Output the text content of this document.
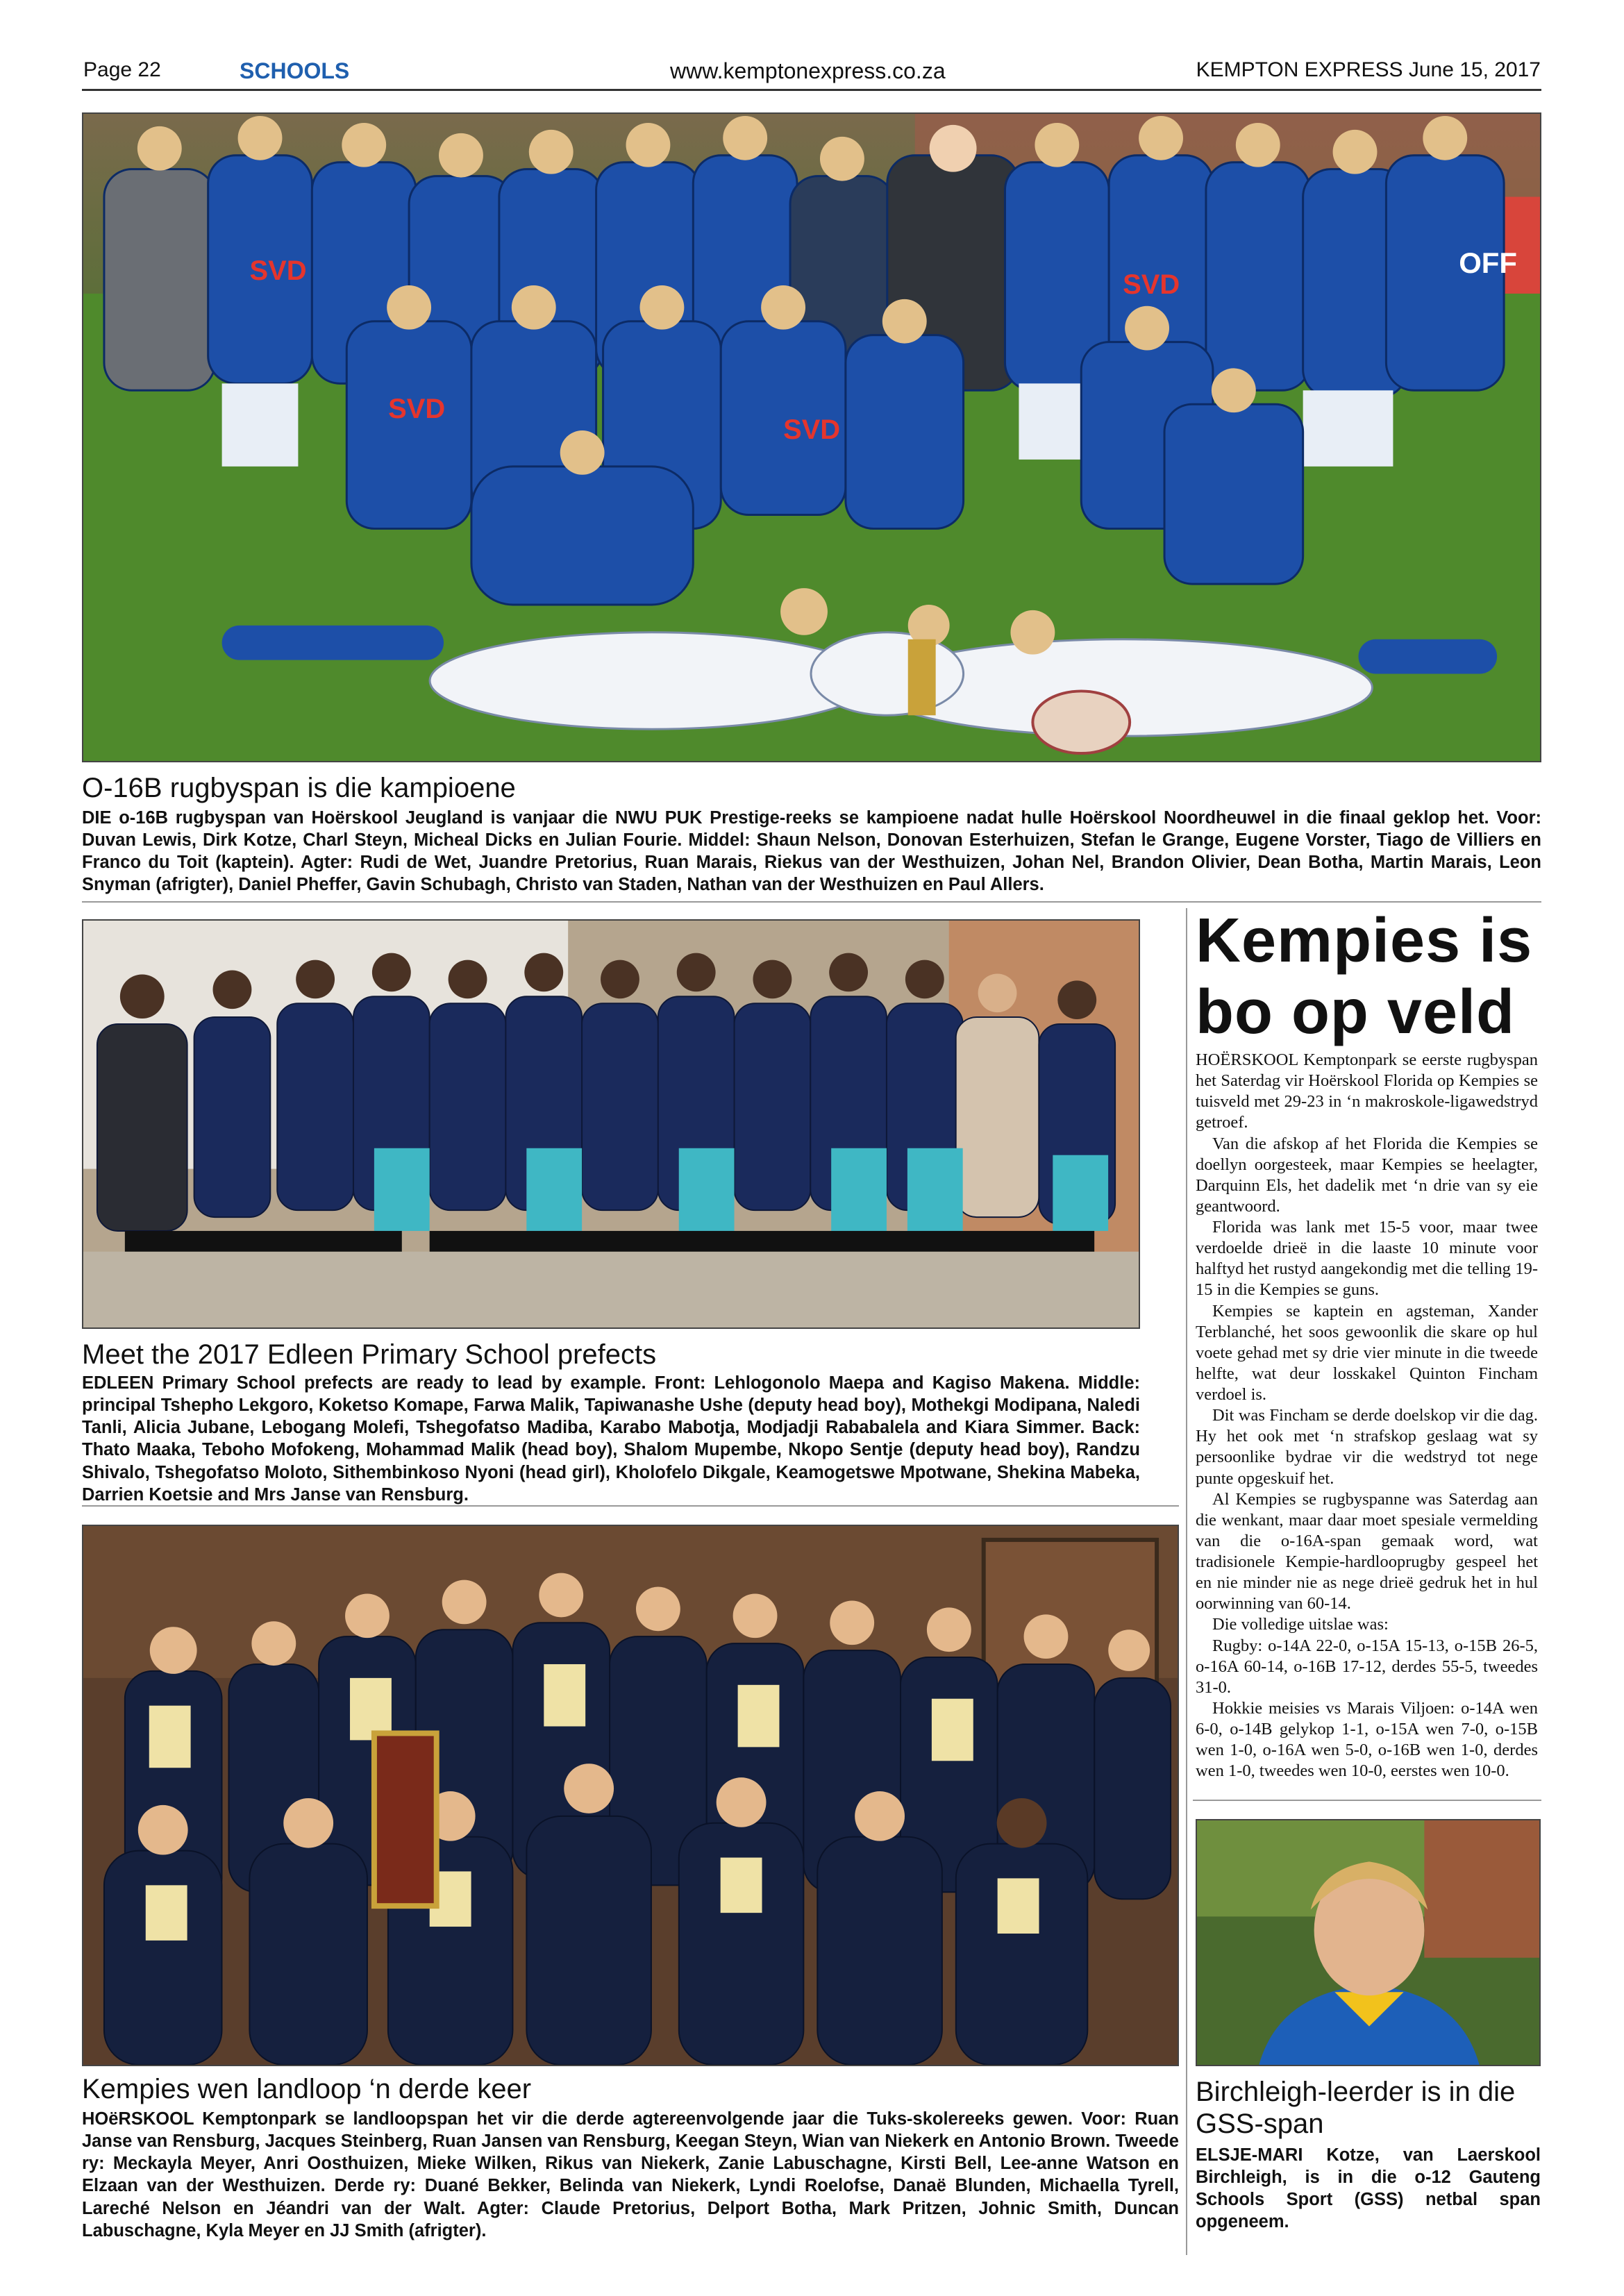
Page 22	SCHOOLS	www.kemptonexpress.co.za	KEMPTON EXPRESS June 15, 2017
SVD
SVD
SVD
SVD
OFF
O-16B rugbyspan is die kampioene
DIE o-16B rugbyspan van Hoërskool Jeugland is vanjaar die NWU PUK Prestige-reeks se kampioene nadat hulle Hoërskool Noordheuwel in die finaal geklop het. Voor: Duvan Lewis, Dirk Kotze, Charl Steyn, Micheal Dicks en Julian Fourie. Middel: Shaun Nelson, Donovan Esterhuizen, Stefan le Grange, Eugene Vorster, Tiago de Villiers en Franco du Toit (kaptein). Agter: Rudi de Wet, Juandre Pretorius, Ruan Marais, Riekus van der Westhuizen, Johan Nel, Brandon Olivier, Dean Botha, Martin Marais, Leon Snyman (afrigter), Daniel Pheffer, Gavin Schubagh, Christo van Staden, Nathan van der Westhuizen en Paul Allers.
Meet the 2017 Edleen Primary School prefects
EDLEEN Primary School prefects are ready to lead by example. Front: Lehlogonolo Maepa and Kagiso Makena. Middle: principal Tshepho Lekgoro, Koketso Komape, Farwa Malik, Tapiwanashe Ushe (deputy head boy), Mothekgi Modipana, Naledi Tanli, Alicia Jubane, Lebogang Molefi, Tshegofatso Madiba, Karabo Mabotja, Modjadji Rababalela and Kiara Simmer. Back: Thato Maaka, Teboho Mofokeng, Mohammad Malik (head boy), Shalom Mupembe, Nkopo Sentje (deputy head boy), Randzu Shivalo, Tshegofatso Moloto, Sithembinkoso Nyoni (head girl), Kholofelo Dikgale, Keamogetswe Mpotwane, Shekina Mabeka, Darrien Koetsie and Mrs Janse van Rensburg.
Kempies wen landloop ‘n derde keer
HOëRSKOOL Kemptonpark se landloopspan het vir die derde agtereenvolgende jaar die Tuks-skolereeks gewen. Voor: Ruan Janse van Rensburg, Jacques Steinberg, Ruan Jansen van Rensburg, Keegan Steyn, Wian van Niekerk en Antonio Brown. Tweede ry: Meckayla Meyer, Anri Oosthuizen, Mieke Wilken, Rikus van Niekerk, Zanie Labuschagne, Kirsti Bell, Lee-anne Watson en Elzaan van der Westhuizen. Derde ry: Duané Bekker, Belinda van Niekerk, Lyndi Roelofse, Danaë Blunden, Michaella Tyrell, Lareché Nelson en Jéandri van der Walt. Agter: Claude Pretorius, Delport Botha, Mark Pritzen, Johnic Smith, Duncan Labuschagne, Kyla Meyer en JJ Smith (afrigter).
Kempies is
bo op veld

HOËRSKOOL Kemptonpark se eerste rugbyspan het Saterdag vir Hoërskool Florida op Kempies se tuisveld met 29-23 in ‘n makroskole-ligawedstryd getroef.

Van die afskop af het Florida die Kempies se doellyn oorgesteek, maar Kempies se heelagter, Darquinn Els, het dadelik met ‘n drie van sy eie geantwoord.

Florida was lank met 15-5 voor, maar twee verdoelde drieë in die laaste 10 minute voor halftyd het rustyd aangekondig met die telling 19-15 in die Kempies se guns.

Kempies se kaptein en agsteman, Xander Terblanché, het soos gewoonlik die skare op hul voete gehad met sy drie vier minute in die tweede helfte, wat deur losskakel Quinton Fincham verdoel is.

Dit was Fincham se derde doelskop vir die dag. Hy het ook met ‘n strafskop geslaag wat sy persoonlike bydrae vir die wedstryd tot nege punte opgeskuif het.

Al Kempies se rugbyspanne was Saterdag aan die wenkant, maar daar moet spesiale vermelding van die o-16A-span gemaak word, wat tradisionele Kempie-hardlooprugby gespeel het en nie minder nie as nege drieë gedruk het in hul oorwinning van 60-14.

Die volledige uitslae was:

Rugby: o-14A 22-0, o-15A 15-13, o-15B 26-5, o-16A 60-14, o-16B 17-12, derdes 55-5, tweedes 31-0.

Hokkie meisies vs Marais Viljoen: o-14A wen 6-0, o-14B gelykop 1-1, o-15A wen 7-0, o-15B wen 1-0, o-16A wen 5-0, o-16B wen 1-0, derdes wen 1-0, tweedes wen 10-0, eerstes wen 10-0.

Birchleigh-leerder is in die GSS-span
ELSJE-MARI Kotze, van Laerskool Birchleigh, is in die o-12 Gauteng Schools Sport (GSS) netbal span opgeneem.
